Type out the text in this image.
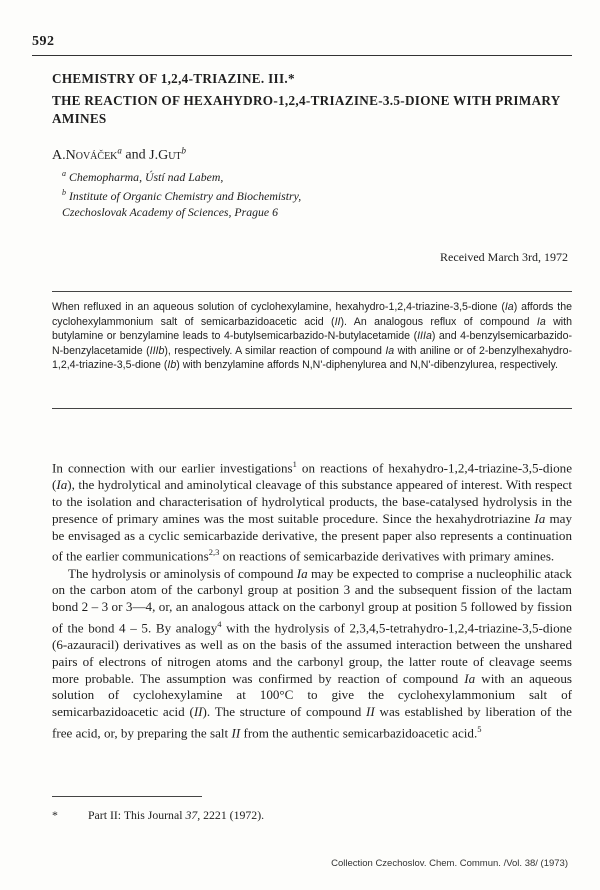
592
CHEMISTRY OF 1,2,4-TRIAZINE. III.*
THE REACTION OF HEXAHYDRO-1,2,4-TRIAZINE-3.5-DIONE WITH PRIMARY AMINES
A.Nováček$^a$ and J.Gut$^b$
$^a$ Chemopharma, Ústí nad Labem,
$^b$ Institute of Organic Chemistry and Biochemistry,
Czechoslovak Academy of Sciences, Prague 6
Received March 3rd, 1972
When refluxed in an aqueous solution of cyclohexylamine, hexahydro-1,2,4-triazine-3,5-dione (Ia) affords the cyclohexylammonium salt of semicarbazidoacetic acid (II). An analogous reflux of compound Ia with butylamine or benzylamine leads to 4-butylsemicarbazido-N-butylacetamide (IIIa) and 4-benzylsemicarbazido-N-benzylacetamide (IIIb), respectively. A similar reaction of compound Ia with aniline or of 2-benzylhexahydro-1,2,4-triazine-3,5-dione (Ib) with benzylamine affords N,N'-diphenylurea and N,N'-dibenzylurea, respectively.

In connection with our earlier investigations$^1$ on reactions of hexahydro-1,2,4-triazine-3,5-dione (Ia), the hydrolytical and aminolytical cleavage of this substance appeared of interest. With respect to the isolation and characterisation of hydrolytical products, the base-catalysed hydrolysis in the presence of primary amines was the most suitable procedure. Since the hexahydrotriazine Ia may be envisaged as a cyclic semicarbazide derivative, the present paper also represents a continuation of the earlier communications$^{2,3}$ on reactions of semicarbazide derivatives with primary amines.

The hydrolysis or aminolysis of compound Ia may be expected to comprise a nucleophilic atack on the carbon atom of the carbonyl group at position 3 and the subsequent fission of the lactam bond 2 – 3 or 3—4, or, an analogous attack on the carbonyl group at position 5 followed by fission of the bond 4 – 5. By analogy$^4$ with the hydrolysis of 2,3,4,5-tetrahydro-1,2,4-triazine-3,5-dione (6-azauracil) derivatives as well as on the basis of the assumed interaction between the unshared pairs of electrons of nitrogen atoms and the carbonyl group, the latter route of cleavage seems more probable. The assumption was confirmed by reaction of compound Ia with an aqueous solution of cyclohexylamine at 100°C to give the cyclohexylammonium salt of semicarbazidoacetic acid (II). The structure of compound II was established by liberation of the free acid, or, by preparing the salt II from the authentic semicarbazidoacetic acid.$^5$

*	Part II: This Journal 37, 2221 (1972).
Collection Czechoslov. Chem. Commun. /Vol. 38/ (1973)
